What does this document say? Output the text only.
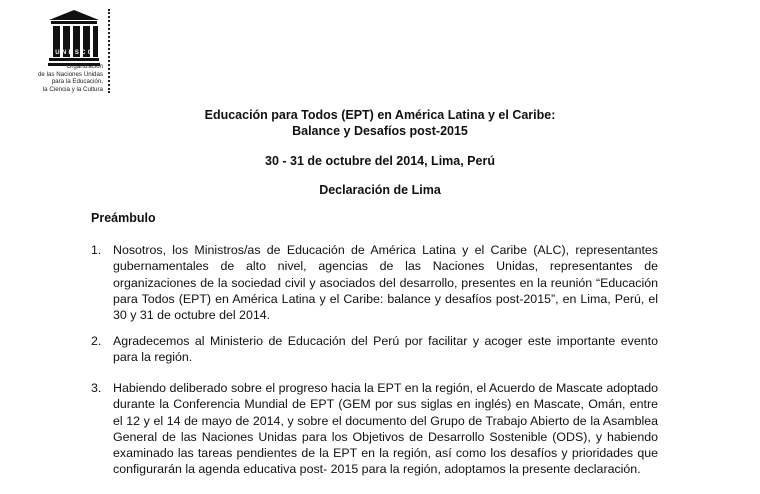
UNESCO
Organización
de las Naciones Unidas
para la Educación,
la Ciencia y la Cultura
Educación para Todos (EPT) en América Latina y el Caribe:
Balance y Desafíos post-2015
30 - 31 de octubre del 2014, Lima, Perú
Declaración de Lima
Preámbulo
1. Nosotros, los Ministros/as de Educación de América Latina y el Caribe (ALC), representantes gubernamentales de alto nivel, agencias de las Naciones Unidas, representantes de organizaciones de la sociedad civil y asociados del desarrollo, presentes en la reunión “Educación para Todos (EPT) en América Latina y el Caribe: balance y desafíos post-2015”, en Lima, Perú, el 30 y 31 de octubre del 2014.
2. Agradecemos al Ministerio de Educación del Perú por facilitar y acoger este importante evento para la región.
3. Habiendo deliberado sobre el progreso hacia la EPT en la región, el Acuerdo de Mascate adoptado durante la Conferencia Mundial de EPT (GEM por sus siglas en inglés) en Mascate, Omán, entre el 12 y el 14 de mayo de 2014, y sobre el documento del Grupo de Trabajo Abierto de la Asamblea General de las Naciones Unidas para los Objetivos de Desarrollo Sostenible (ODS), y habiendo examinado las tareas pendientes de la EPT en la región, así como los desafíos y prioridades que configurarán la agenda educativa post- 2015 para la región, adoptamos la presente declaración.
